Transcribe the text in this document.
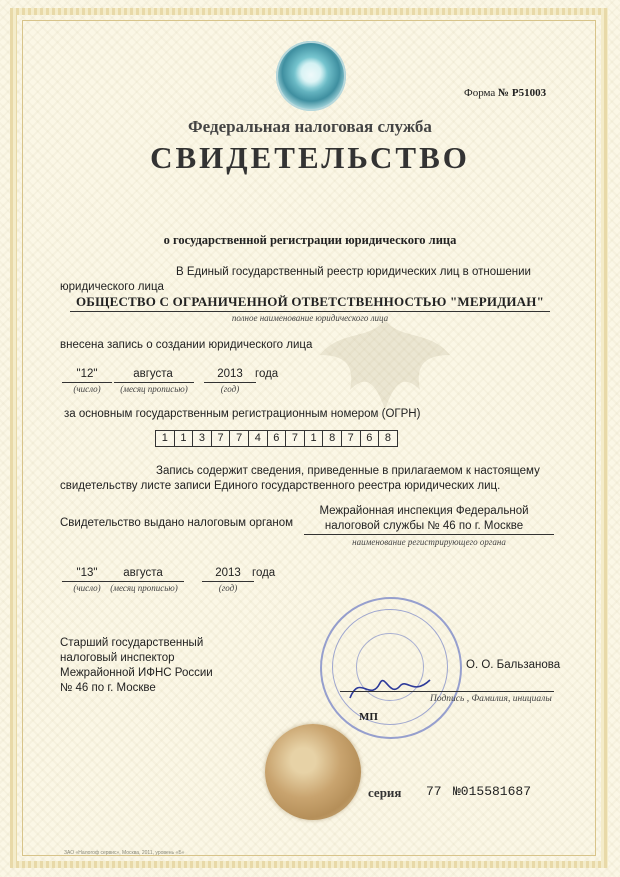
Форма № Р51003
Федеральная налоговая служба
СВИДЕТЕЛЬСТВО
о государственной регистрации юридического лица
В Единый государственный реестр юридических лиц в отношении
юридического лица
ОБЩЕСТВО С ОГРАНИЧЕННОЙ ОТВЕТСТВЕННОСТЬЮ "МЕРИДИАН"
полное наименование юридического лица
внесена запись о создании юридического лица
"12"
(число)
августа
(месяц прописью)
2013
(год)
года
за основным государственным регистрационным номером (ОГРН)
1	1	3	7	7	4	6	7	1	8	7	6	8
Запись содержит сведения, приведенные в прилагаемом к настоящему
свидетельству листе записи Единого государственного реестра юридических лиц.
Свидетельство выдано налоговым органом
Межрайонная инспекция Федеральной
налоговой службы № 46 по г. Москве
наименование регистрирующего органа
"13"
(число)
августа
(месяц прописью)
2013
(год)
года
Старший государственный
налоговый инспектор
Межрайонной ИФНС России
№ 46 по г. Москве
О. О. Бальзанова
Подпись , Фамилия, инициалы
МП
серия 77 №015581687
ЗАО «Налогоф сервис», Москва, 2011, уровень «Б»
